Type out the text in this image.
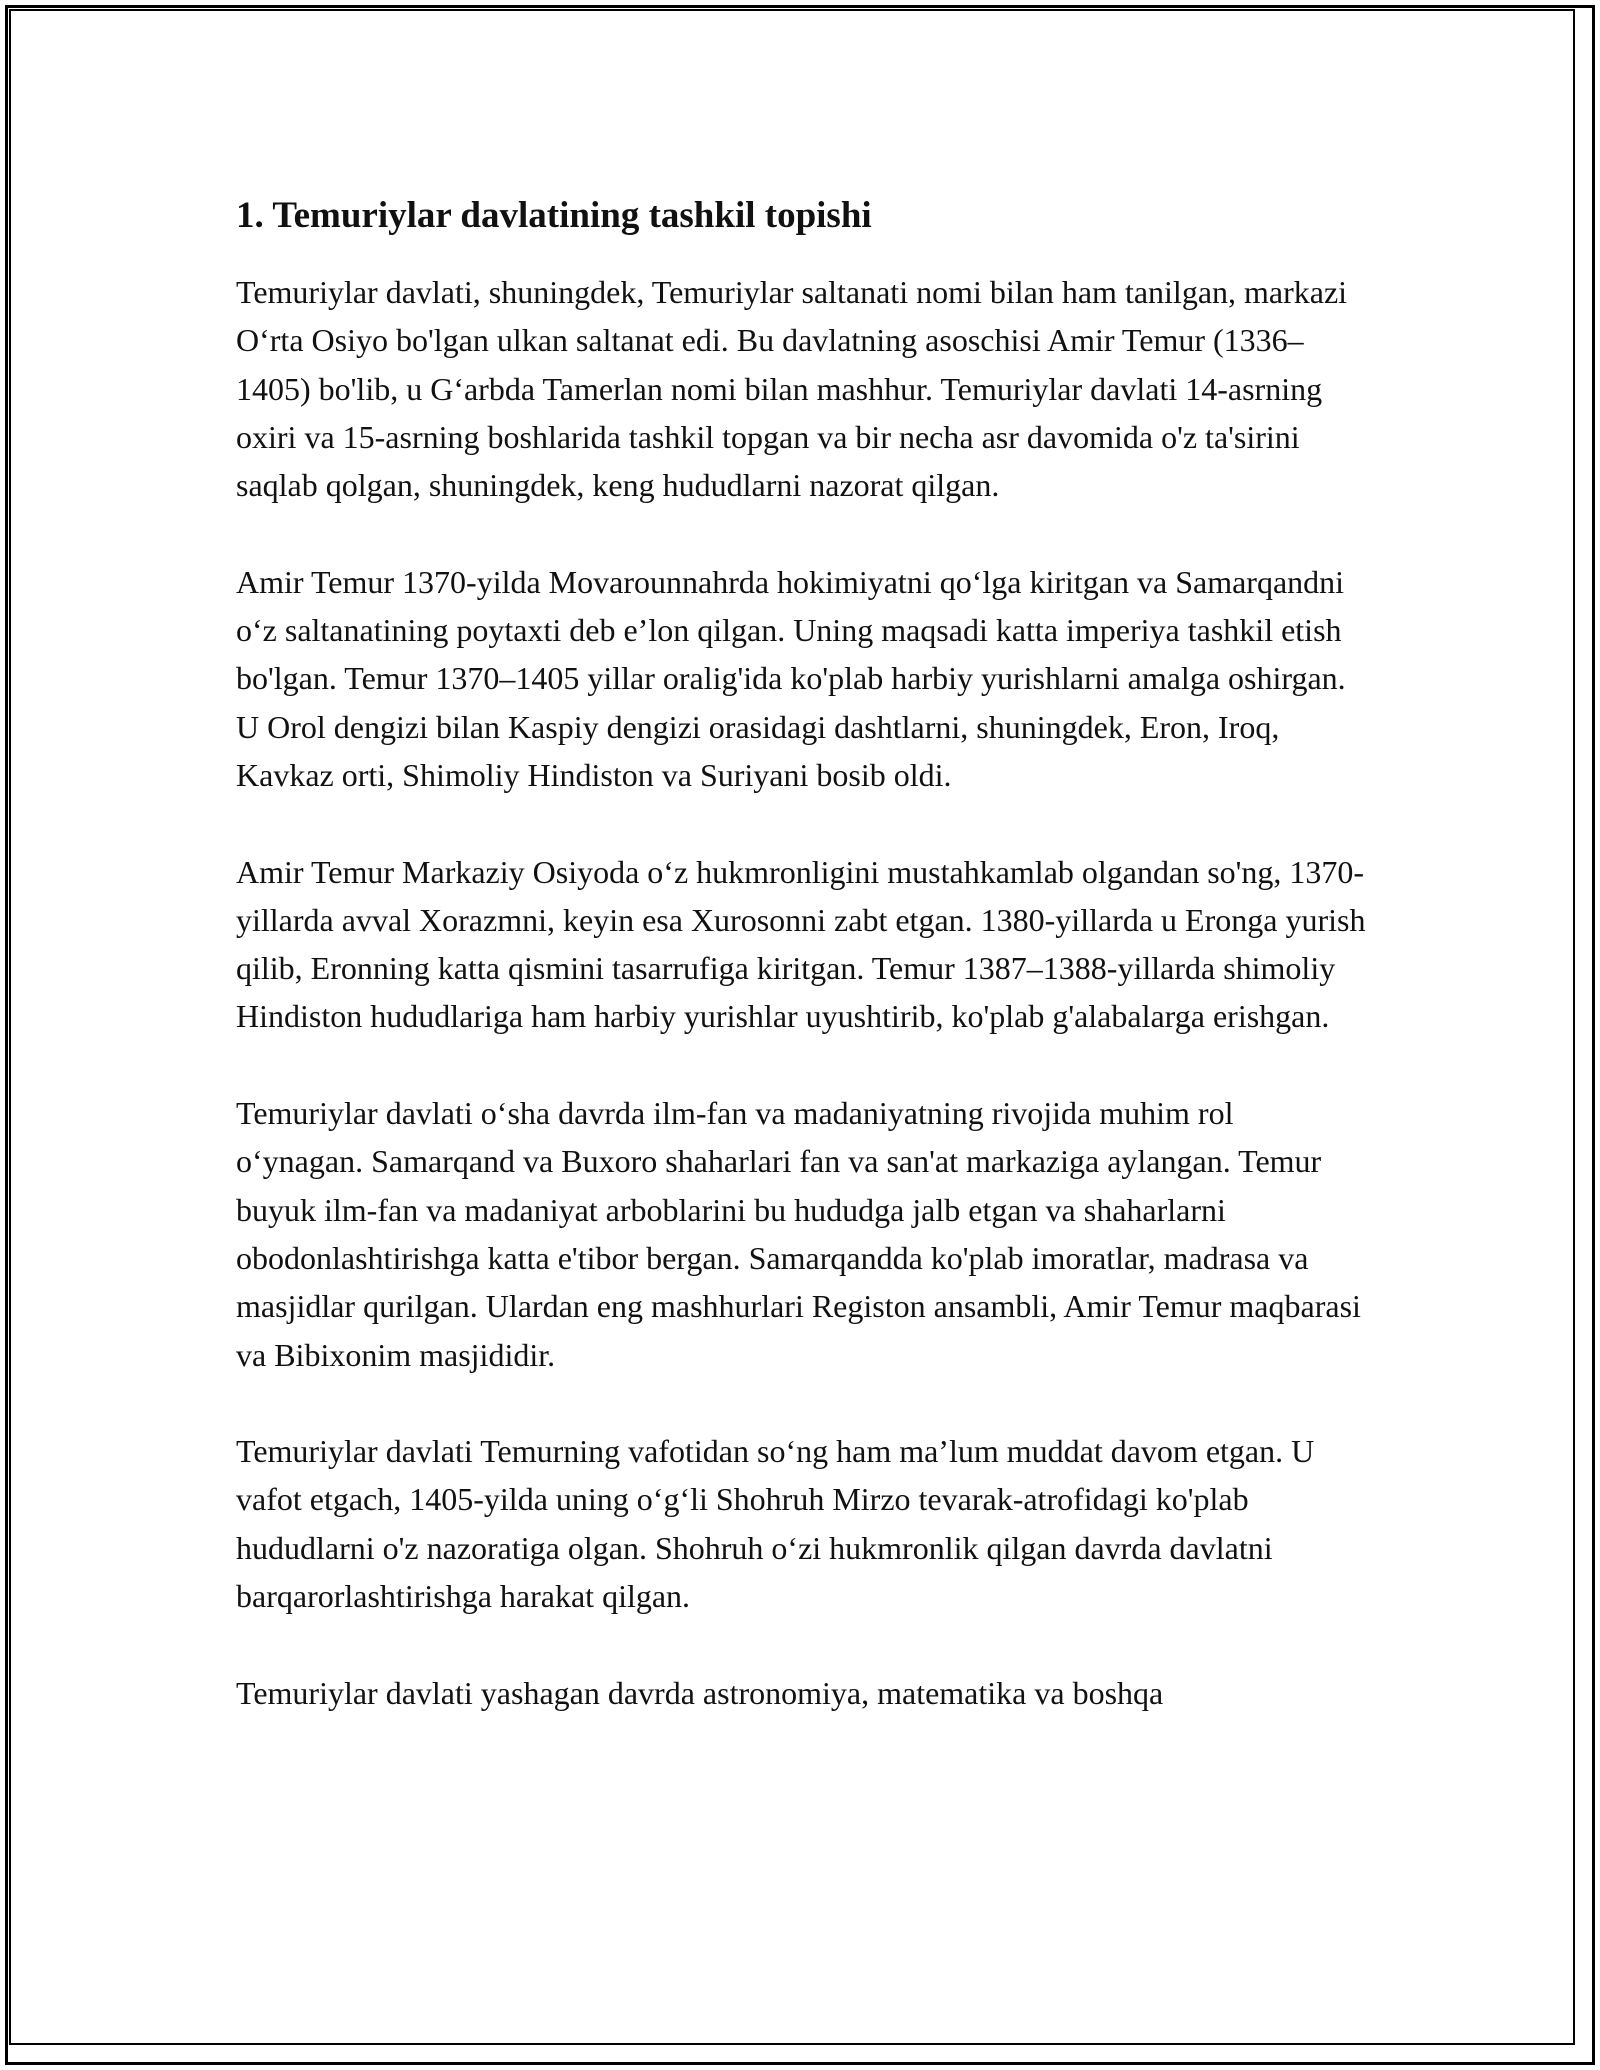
1. Temuriylar davlatining tashkil topishi

Temuriylar davlati, shuningdek, Temuriylar saltanati nomi bilan ham tanilgan, markazi O‘rta Osiyo bo'lgan ulkan saltanat edi. Bu davlatning asoschisi Amir Temur (1336–1405) bo'lib, u G‘arbda Tamerlan nomi bilan mashhur. Temuriylar davlati 14-asrning oxiri va 15-asrning boshlarida tashkil topgan va bir necha asr davomida o'z ta'sirini saqlab qolgan, shuningdek, keng hududlarni nazorat qilgan.

Amir Temur 1370-yilda Movarounnahrda hokimiyatni qo‘lga kiritgan va Samarqandni o‘z saltanatining poytaxti deb e’lon qilgan. Uning maqsadi katta imperiya tashkil etish bo'lgan. Temur 1370–1405 yillar oralig'ida ko'plab harbiy yurishlarni amalga oshirgan. U Orol dengizi bilan Kaspiy dengizi orasidagi dashtlarni, shuningdek, Eron, Iroq, Kavkaz orti, Shimoliy Hindiston va Suriyani bosib oldi.

Amir Temur Markaziy Osiyoda o‘z hukmronligini mustahkamlab olgandan so'ng, 1370-yillarda avval Xorazmni, keyin esa Xurosonni zabt etgan. 1380-yillarda u Eronga yurish qilib, Eronning katta qismini tasarrufiga kiritgan. Temur 1387–1388-yillarda shimoliy Hindiston hududlariga ham harbiy yurishlar uyushtirib, ko'plab g'alabalarga erishgan.

Temuriylar davlati o‘sha davrda ilm-fan va madaniyatning rivojida muhim rol o‘ynagan. Samarqand va Buxoro shaharlari fan va san'at markaziga aylangan. Temur buyuk ilm-fan va madaniyat arboblarini bu hududga jalb etgan va shaharlarni obodonlashtirishga katta e'tibor bergan. Samarqandda ko'plab imoratlar, madrasa va masjidlar qurilgan. Ulardan eng mashhurlari Registon ansambli, Amir Temur maqbarasi va Bibixonim masjididir.

Temuriylar davlati Temurning vafotidan so‘ng ham ma’lum muddat davom etgan. U vafot etgach, 1405-yilda uning o‘g‘li Shohruh Mirzo tevarak-atrofidagi ko'plab hududlarni o'z nazoratiga olgan. Shohruh o‘zi hukmronlik qilgan davrda davlatni barqarorlashtirishga harakat qilgan.

Temuriylar davlati yashagan davrda astronomiya, matematika va boshqa
